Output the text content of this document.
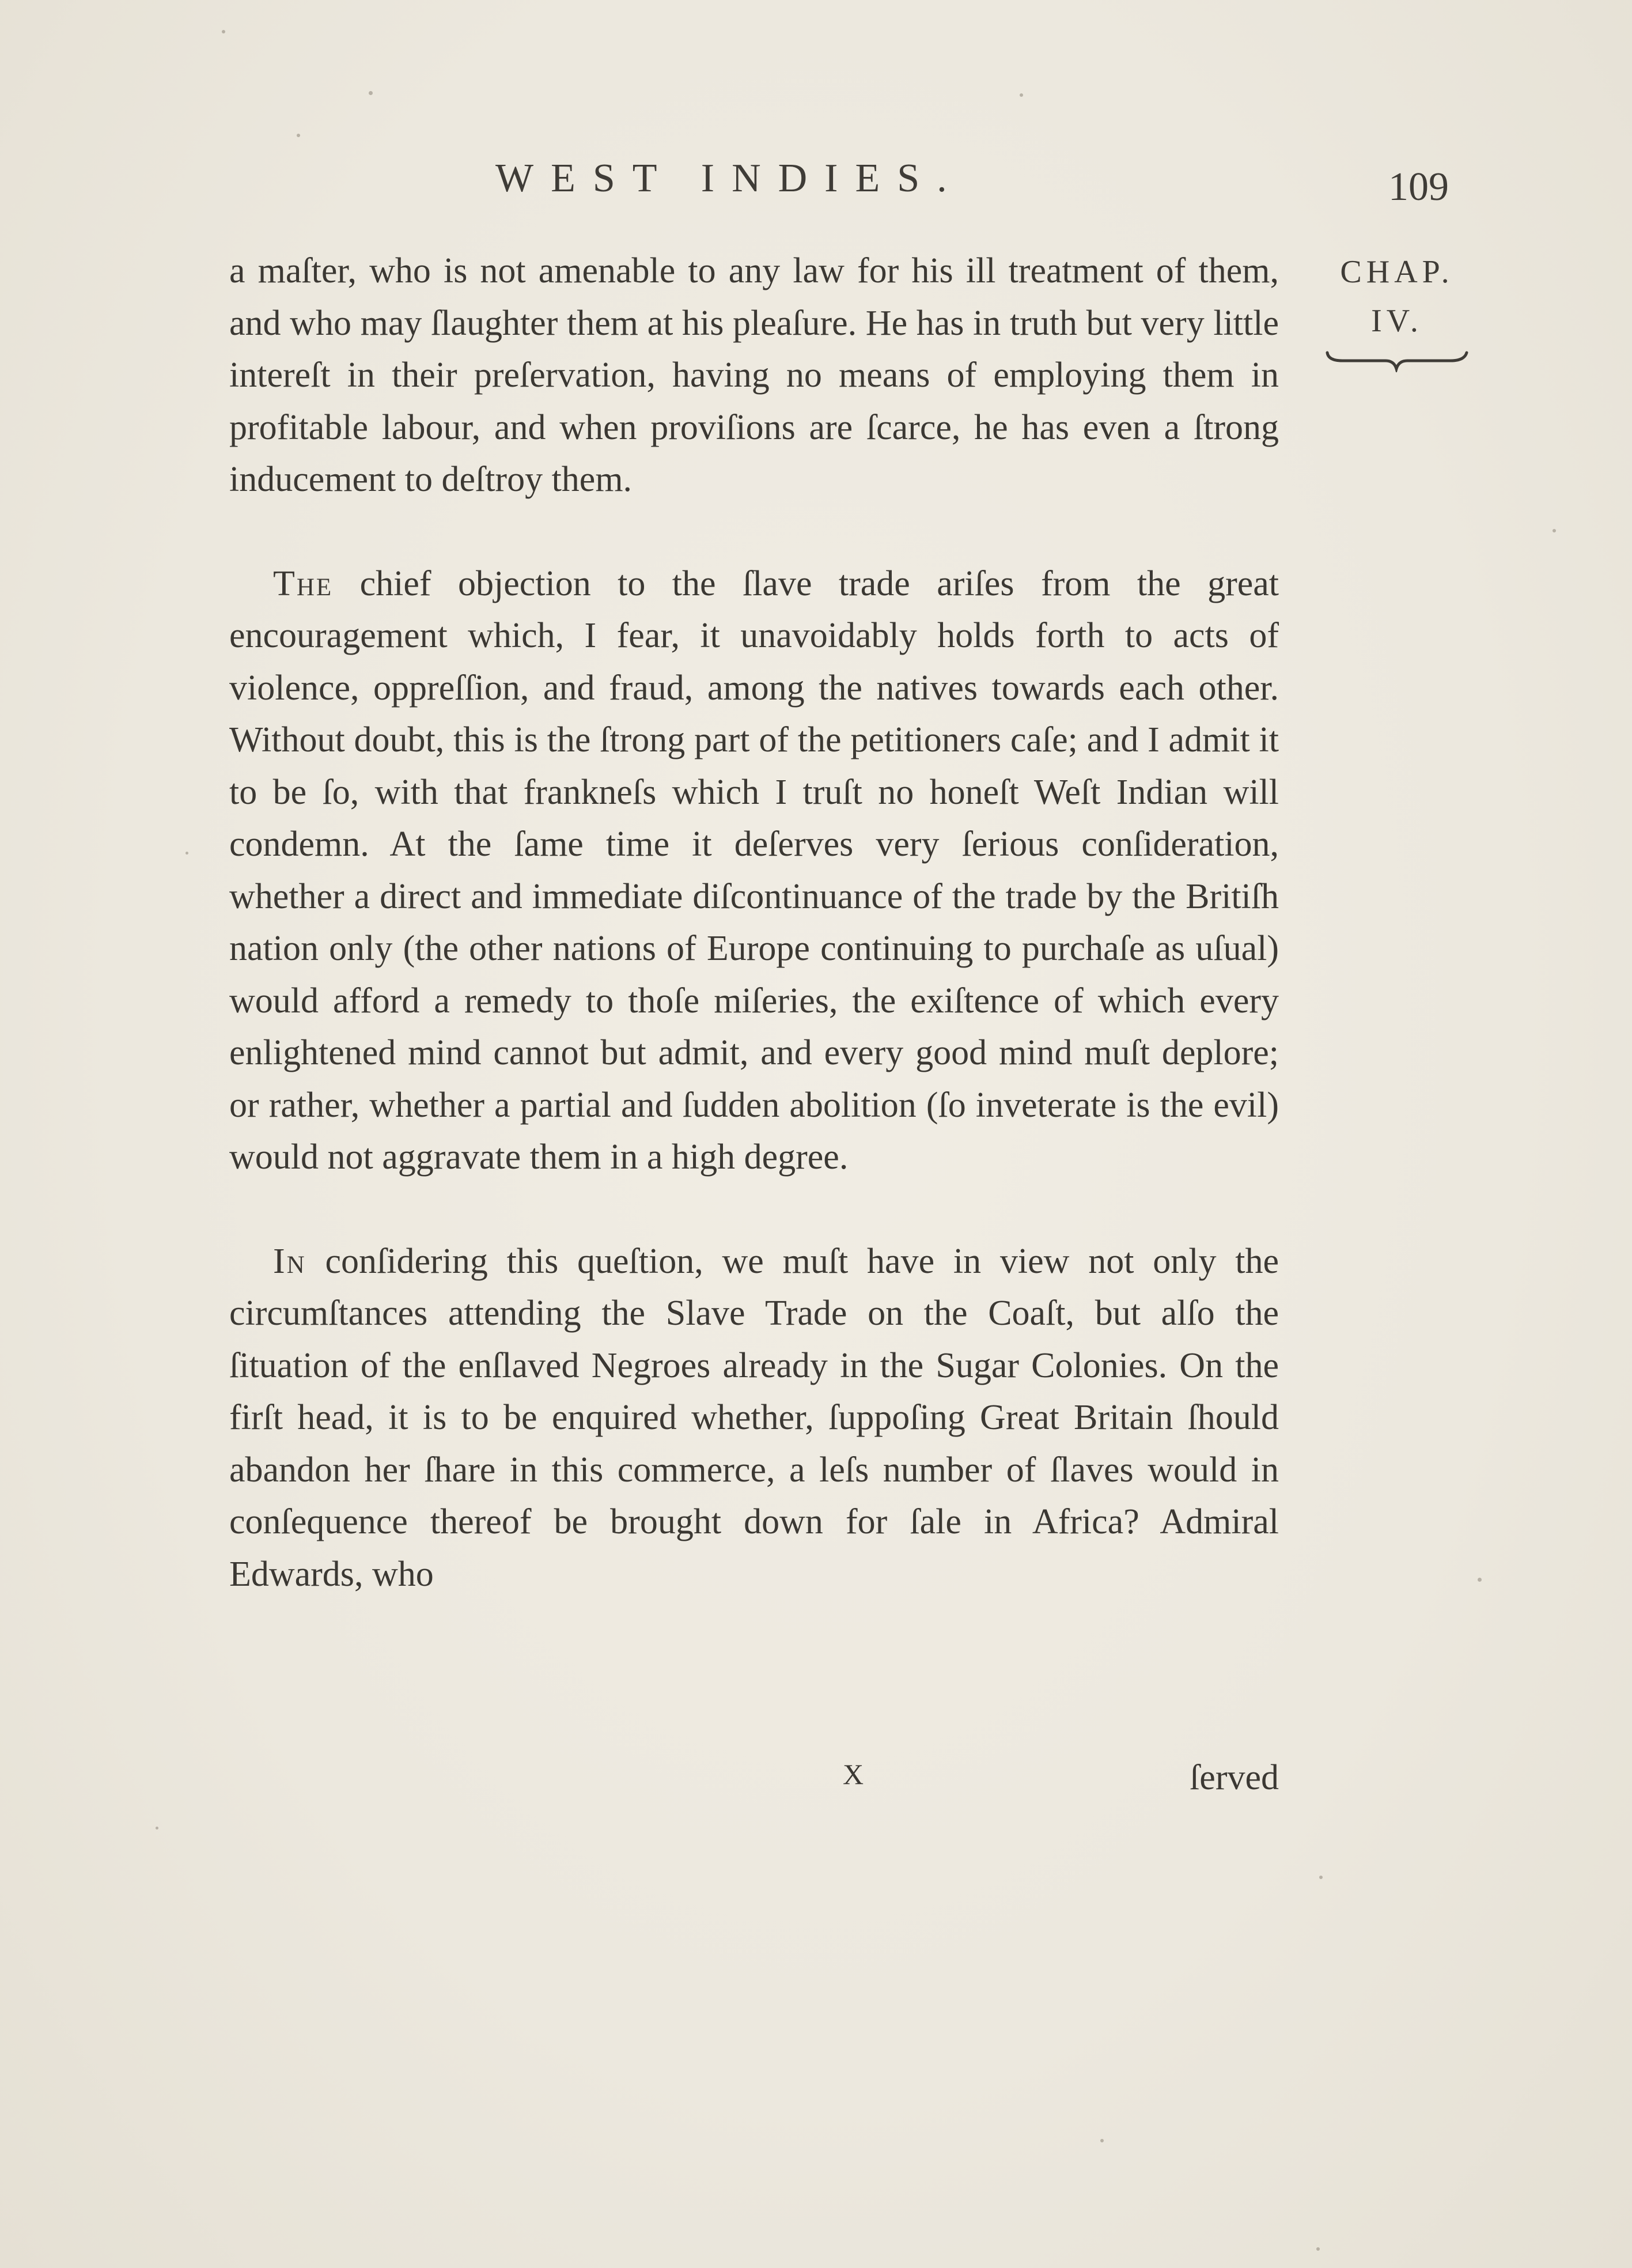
WEST INDIES.	109
CHAP.
IV.

a maſter, who is not amenable to any law for his ill treatment of them, and who may ſlaughter them at his pleaſure. He has in truth but very little intereſt in their preſervation, having no means of employing them in profitable labour, and when proviſions are ſcarce, he has even a ſtrong inducement to deſtroy them.

The chief objection to the ſlave trade ariſes from the great encouragement which, I fear, it unavoidably holds forth to acts of violence, oppreſſion, and fraud, among the natives towards each other. Without doubt, this is the ſtrong part of the petitioners caſe; and I admit it to be ſo, with that frankneſs which I truſt no honeſt Weſt Indian will condemn. At the ſame time it deſerves very ſerious conſideration, whether a direct and immediate diſcontinuance of the trade by the Britiſh nation only (the other nations of Europe continuing to purchaſe as uſual) would afford a remedy to thoſe miſeries, the exiſtence of which every enlightened mind cannot but admit, and every good mind muſt deplore; or rather, whether a partial and ſudden abolition (ſo inveterate is the evil) would not aggravate them in a high degree.

In conſidering this queſtion, we muſt have in view not only the circumſtances attending the Slave Trade on the Coaſt, but alſo the ſituation of the enſlaved Negroes already in the Sugar Colonies. On the firſt head, it is to be enquired whether, ſuppoſing Great Britain ſhould abandon her ſhare in this commerce, a leſs number of ſlaves would in conſequence thereof be brought down for ſale in Africa? Admiral Edwards, who

X	ſerved
